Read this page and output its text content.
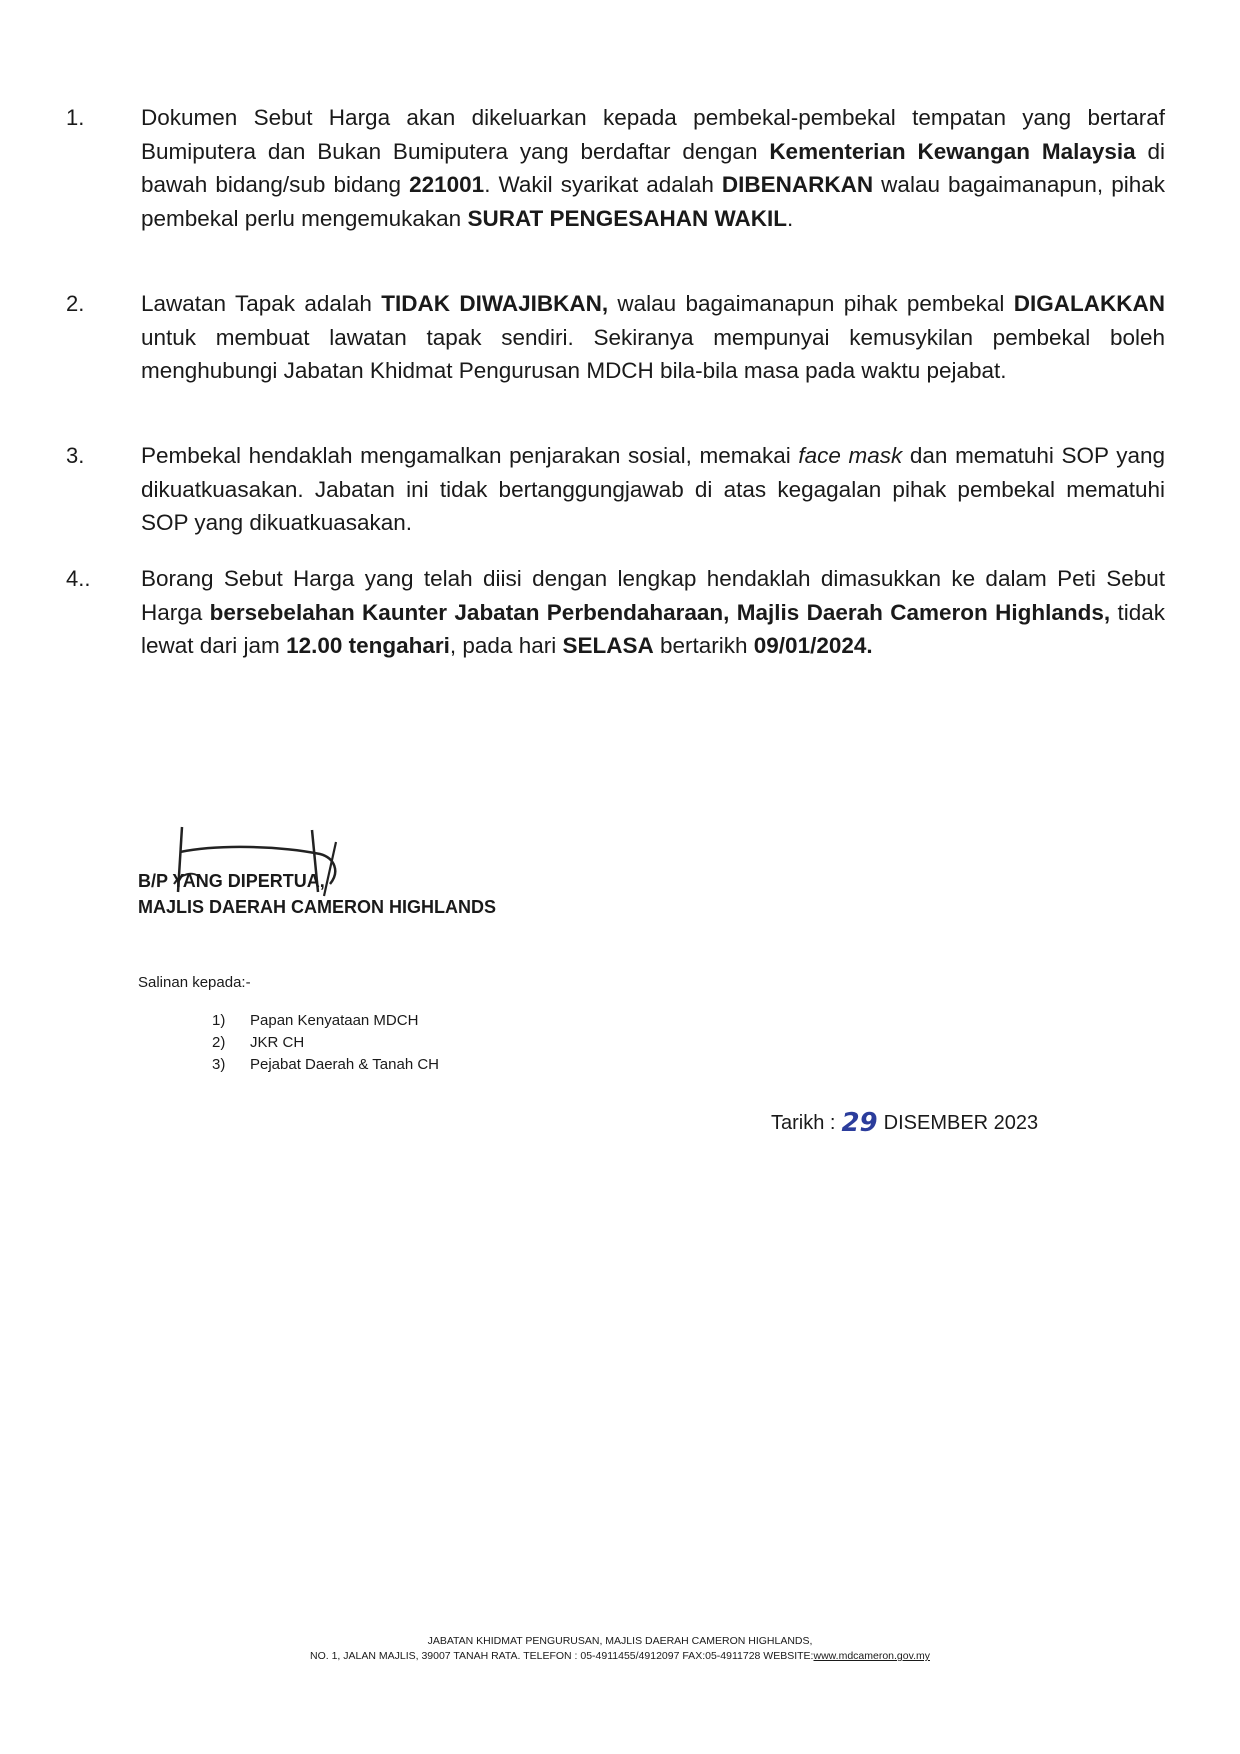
1.	Dokumen Sebut Harga akan dikeluarkan kepada pembekal-pembekal tempatan yang bertaraf Bumiputera dan Bukan Bumiputera yang berdaftar dengan Kementerian Kewangan Malaysia di bawah bidang/sub bidang 221001. Wakil syarikat adalah DIBENARKAN walau bagaimanapun, pihak pembekal perlu mengemukakan SURAT PENGESAHAN WAKIL.
2.	Lawatan Tapak adalah TIDAK DIWAJIBKAN, walau bagaimanapun pihak pembekal DIGALAKKAN untuk membuat lawatan tapak sendiri. Sekiranya mempunyai kemusykilan pembekal boleh menghubungi Jabatan Khidmat Pengurusan MDCH bila-bila masa pada waktu pejabat.
3.	Pembekal hendaklah mengamalkan penjarakan sosial, memakai face mask dan mematuhi SOP yang dikuatkuasakan. Jabatan ini tidak bertanggungjawab di atas kegagalan pihak pembekal mematuhi SOP yang dikuatkuasakan.
4.. Borang Sebut Harga yang telah diisi dengan lengkap hendaklah dimasukkan ke dalam Peti Sebut Harga bersebelahan Kaunter Jabatan Perbendaharaan, Majlis Daerah Cameron Highlands, tidak lewat dari jam 12.00 tengahari, pada hari SELASA bertarikh 09/01/2024.
B/P YANG DIPERTUA,
MAJLIS DAERAH CAMERON HIGHLANDS
Salinan kepada:-
1)	Papan Kenyataan MDCH
2)	JKR CH
3)	Pejabat Daerah & Tanah CH
Tarikh : 29 DISEMBER 2023
JABATAN KHIDMAT PENGURUSAN, MAJLIS DAERAH CAMERON HIGHLANDS,
NO. 1, JALAN MAJLIS, 39007 TANAH RATA. TELEFON : 05-4911455/4912097 FAX:05-4911728 WEBSITE:www.mdcameron.gov.my
